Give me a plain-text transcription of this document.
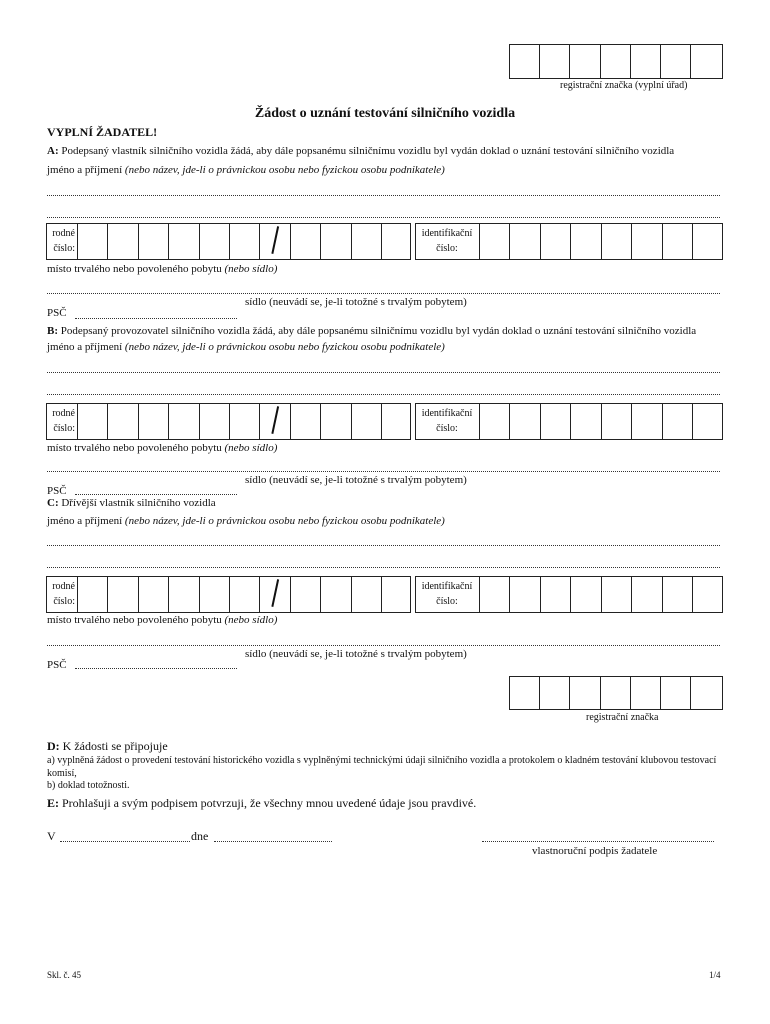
registrační značka (vyplní úřad)
Žádost o uznání testování silničního vozidla
VYPLNÍ ŽADATEL!
A: Podepsaný vlastník silničního vozidla žádá, aby dále popsanému silničnímu vozidlu byl vydán doklad o uznání testování silničního vozidla
jméno a příjmení (nebo název, jde-li o právnickou osobu nebo fyzickou osobu podnikatele)
rodné
číslo:
identifikační
číslo:
místo trvalého nebo povoleného pobytu (nebo sídlo)
sídlo (neuvádí se, je-li totožné s trvalým pobytem)
PSČ
B: Podepsaný provozovatel silničního vozidla žádá, aby dále popsanému silničnímu vozidlu byl vydán doklad o uznání testování silničního vozidla
jméno a příjmení (nebo název, jde-li o právnickou osobu nebo fyzickou osobu podnikatele)
rodné
číslo:
identifikační
číslo:
místo trvalého nebo povoleného pobytu (nebo sídlo)
sídlo (neuvádí se, je-li totožné s trvalým pobytem)
PSČ
C: Dřívější vlastník silničního vozidla
jméno a příjmení (nebo název, jde-li o právnickou osobu nebo fyzickou osobu podnikatele)
rodné
číslo:
identifikační
číslo:
místo trvalého nebo povoleného pobytu (nebo sídlo)
sídlo (neuvádí se, je-li totožné s trvalým pobytem)
PSČ
registrační značka
D: K žádosti se připojuje
a) vyplněná žádost o provedení testování historického vozidla s vyplněnými technickými údaji silničního vozidla a protokolem o kladném testování klubovou testovací komisí,
b) doklad totožnosti.
E: Prohlašuji a svým podpisem potvrzuji, že všechny mnou uvedené údaje jsou pravdivé.
V	dne
vlastnoruční podpis žadatele
Skl. č. 45	1/4
